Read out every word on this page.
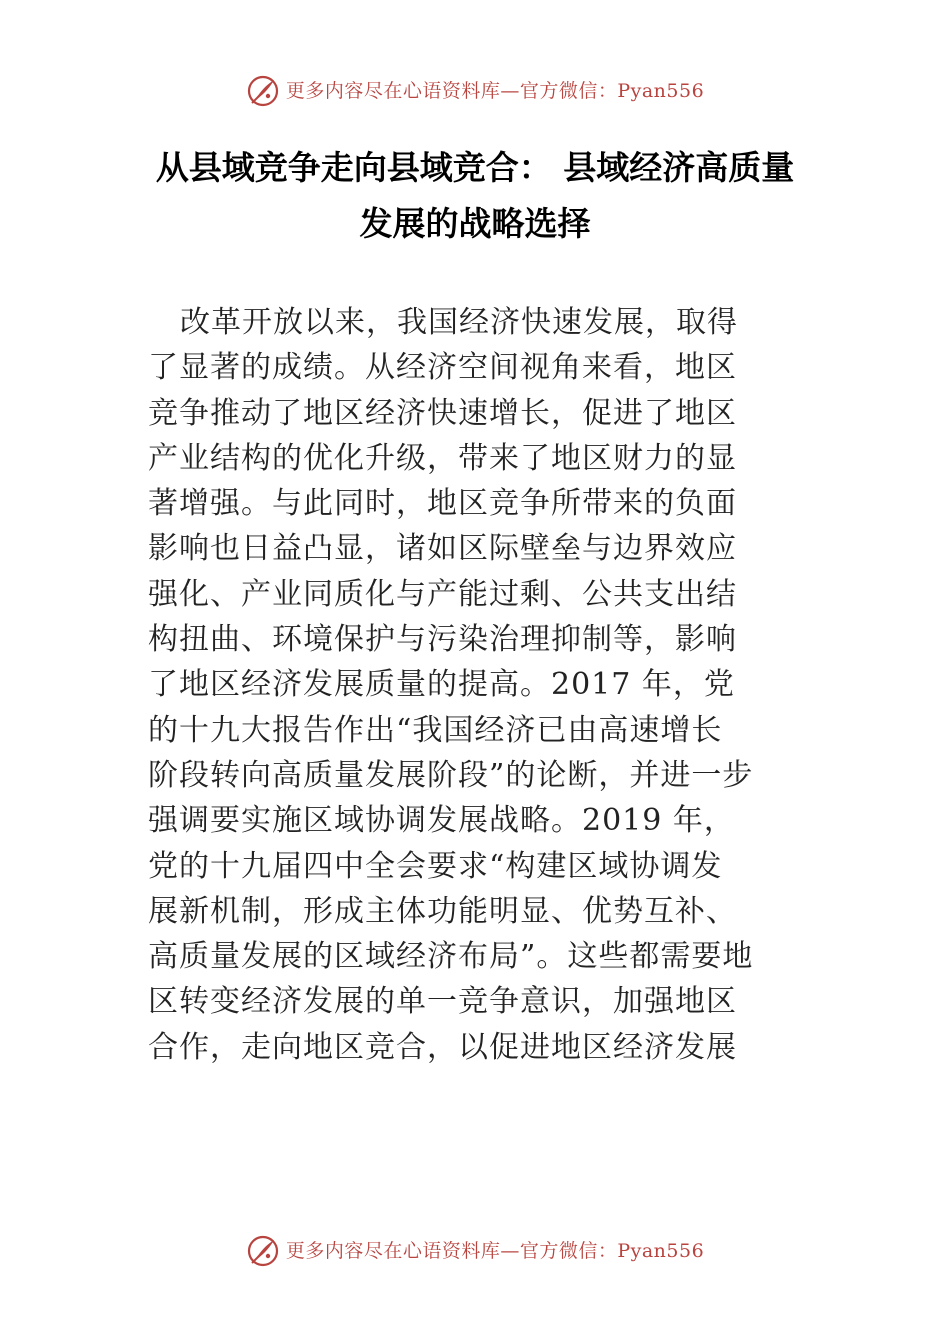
更多内容尽在心语资料库—官方微信：Pyan556
从县域竞争走向县域竞合： 县域经济高质量
发展的战略选择
改革开放以来，我国经济快速发展，取得
了显著的成绩。从经济空间视角来看，地区
竞争推动了地区经济快速增长，促进了地区
产业结构的优化升级，带来了地区财力的显
著增强。与此同时，地区竞争所带来的负面
影响也日益凸显，诸如区际壁垒与边界效应
强化、产业同质化与产能过剩、公共支出结
构扭曲、环境保护与污染治理抑制等，影响
了地区经济发展质量的提高。2017 年，党
的十九大报告作出“我国经济已由高速增长
阶段转向高质量发展阶段”的论断，并进一步
强调要实施区域协调发展战略。2019 年，
党的十九届四中全会要求“构建区域协调发
展新机制，形成主体功能明显、优势互补、
高质量发展的区域经济布局”。这些都需要地
区转变经济发展的单一竞争意识，加强地区
合作，走向地区竞合，以促进地区经济发展
更多内容尽在心语资料库—官方微信：Pyan556
